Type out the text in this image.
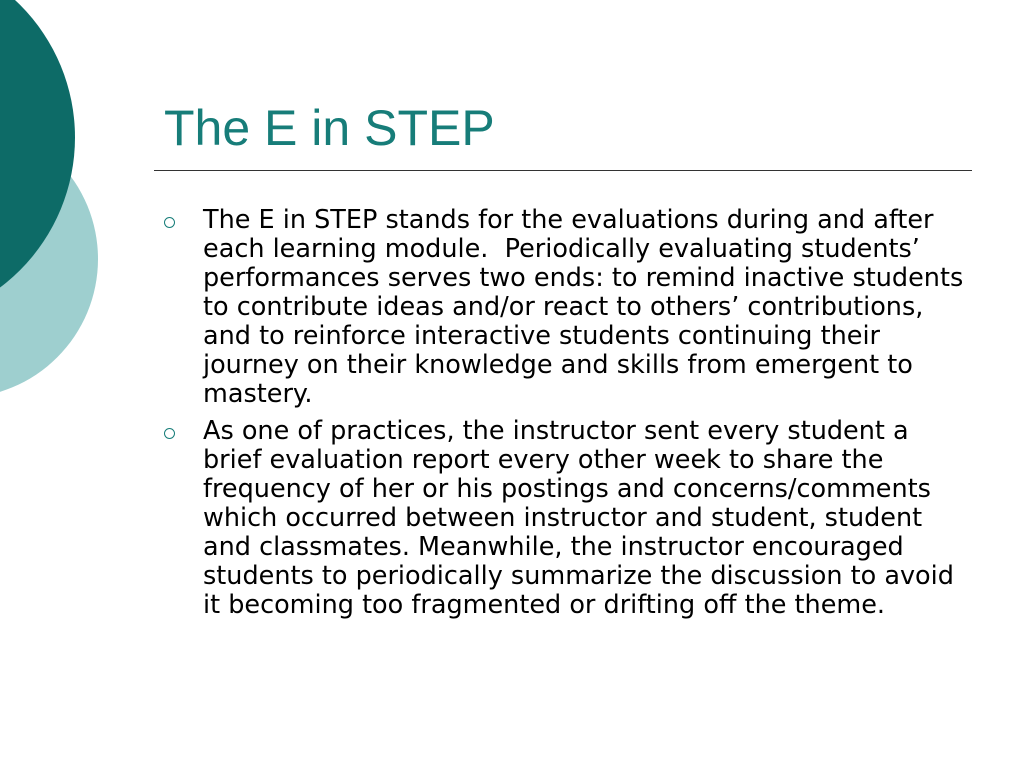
The E in STEP
The E in STEP stands for the evaluations during and after each learning module.  Periodically evaluating students’ performances serves two ends: to remind inactive students to contribute ideas and/or react to others’ contributions, and to reinforce interactive students continuing their journey on their knowledge and skills from emergent to mastery.
As one of practices, the instructor sent every student a brief evaluation report every other week to share the frequency of her or his postings and concerns/comments which occurred between instructor and student, student and classmates. Meanwhile, the instructor encouraged students to periodically summarize the discussion to avoid it becoming too fragmented or drifting off the theme.
